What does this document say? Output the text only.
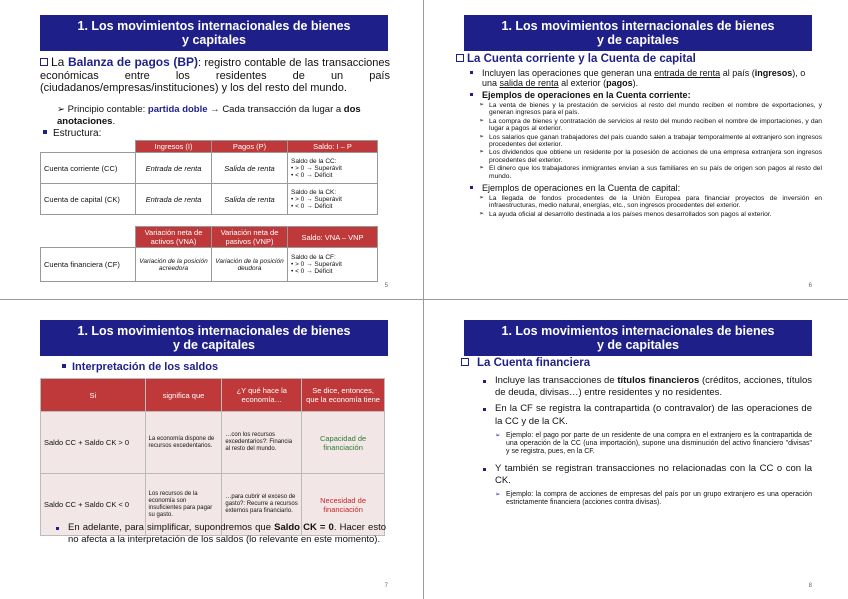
1. Los movimientos internacionales de bienes
y capitales
La Balanza de pagos (BP): registro contable de las transacciones económicas entre los residentes de un país (ciudadanos/empresas/instituciones) y los del resto del mundo.
➢ Principio contable: partida doble → Cada transacción da lugar a dos anotaciones.
Estructura:
	Ingresos (I)	Pagos (P)	Saldo: I – P
Cuenta corriente (CC)	Entrada de renta	Salida de renta	Saldo de la CC:
• > 0 → Superávit
• < 0 → Déficit

Cuenta de capital (CK)	Entrada de renta	Salida de renta	Saldo de la CK:
• > 0 → Superávit
• < 0 → Déficit

	Variación neta de activos (VNA)	Variación neta de pasivos (VNP)	Saldo: VNA – VNP
Cuenta financiera (CF)	Variación de la posición acreedora	Variación de la posición deudora	Saldo de la CF:
• > 0 → Superávit
• < 0 → Déficit
5
1. Los movimientos internacionales de bienes
y de capitales
La Cuenta corriente y la Cuenta de capital
Incluyen las operaciones que generan una entrada de renta al país (ingresos), o una salida de renta al exterior (pagos).
Ejemplos de operaciones en la Cuenta corriente:
➢ La venta de bienes y la prestación de servicios al resto del mundo reciben el nombre de exportaciones, y generan ingresos para el país.
➢ La compra de bienes y contratación de servicios al resto del mundo reciben el nombre de importaciones, y dan lugar a pagos al exterior.
➢ Los salarios que ganan trabajadores del país cuando salen a trabajar temporalmente al extranjero son ingresos procedentes del exterior.
➢ Los dividendos que obtiene un residente por la posesión de acciones de una empresa extranjera son ingresos procedentes del exterior.
➢ El dinero que los trabajadores inmigrantes envían a sus familiares en su país de origen son pagos al resto del mundo.
Ejemplos de operaciones en la Cuenta de capital:
➢ La llegada de fondos procedentes de la Unión Europea para financiar proyectos de inversión en infraestructuras, medio natural, energías, etc., son ingresos procedentes del exterior.
➢ La ayuda oficial al desarrollo destinada a los países menos desarrollados son pagos al exterior.
6
1. Los movimientos internacionales de bienes
y de capitales
Interpretación de los saldos
Si	significa que	¿Y qué hace la economía…	Se dice, entonces, que la economía tiene
Saldo CC + Saldo CK > 0	La economía dispone de recursos excedentarios.	…con los recursos excedentarios?: Financia al resto del mundo.	Capacidad de financiación
Saldo CC + Saldo CK < 0	Los recursos de la economía son insuficientes para pagar su gasto.	…para cubrir el exceso de gasto?: Recurre a recursos externos para financiarlo.	Necesidad de financiación
En adelante, para simplificar, supondremos que Saldo CK = 0. Hacer esto no afecta a la interpretación de los saldos (lo relevante en este momento).
7
1. Los movimientos internacionales de bienes
y de capitales
La Cuenta financiera
Incluye las transacciones de títulos financieros (créditos, acciones, títulos de deuda, divisas…) entre residentes y no residentes.
En la CF se registra la contrapartida (o contravalor) de las operaciones de la CC y de la CK.
➢ Ejemplo: el pago por parte de un residente de una compra en el extranjero es la contrapartida de una operación de la CC (una importación), supone una disminución del activo financiero "divisas" y se registra, pues, en la CF.
Y también se registran transacciones no relacionadas con la CC o con la CK.
➢ Ejemplo: la compra de acciones de empresas del país por un grupo extranjero es una operación estrictamente financiera (acciones contra divisas).
8
